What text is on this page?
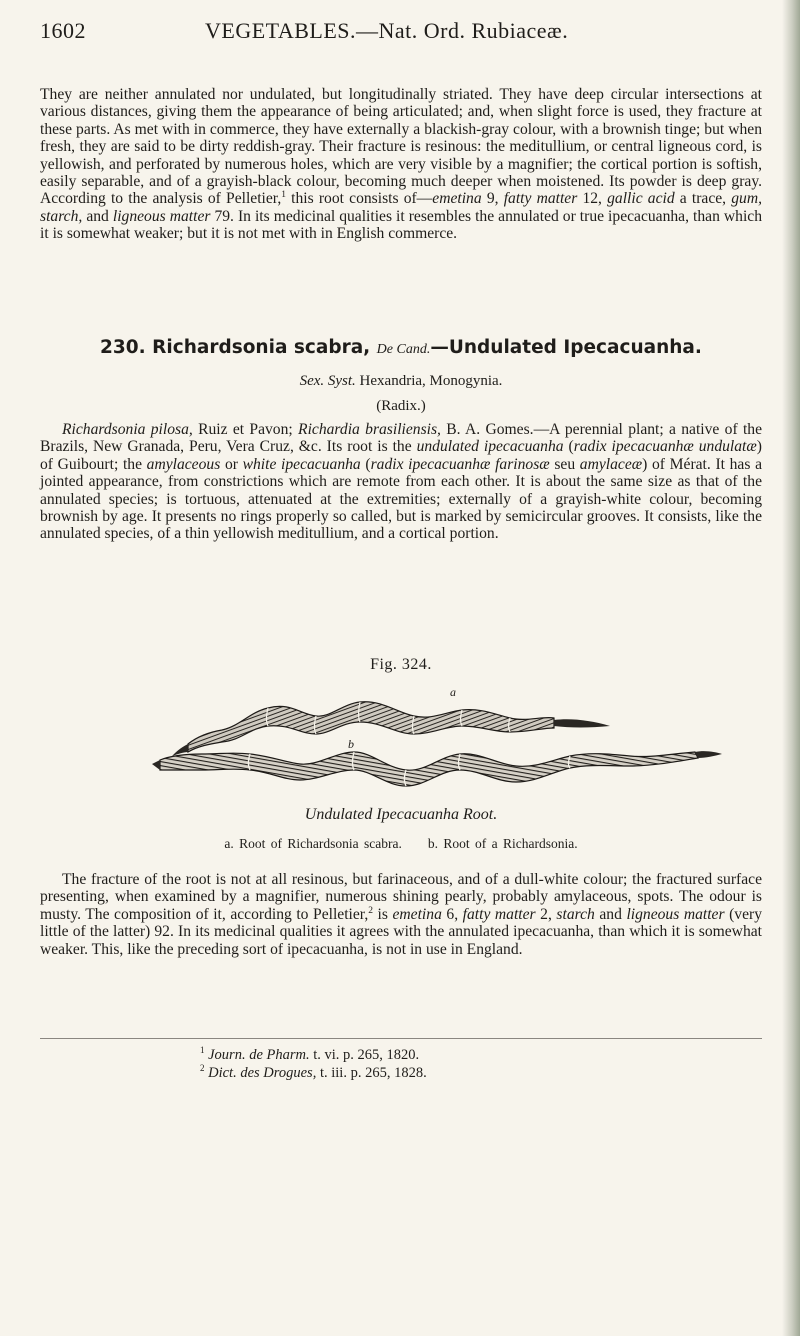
1602	VEGETABLES.—Nat. Ord. Rubiaceæ.
They are neither annulated nor undulated, but longitudinally striated. They have deep circular intersections at various distances, giving them the appearance of being articulated; and, when slight force is used, they fracture at these parts. As met with in commerce, they have externally a blackish-gray colour, with a brownish tinge; but when fresh, they are said to be dirty reddish-gray. Their fracture is resinous: the meditullium, or central ligneous cord, is yellowish, and perforated by numerous holes, which are very visible by a magnifier; the cortical portion is softish, easily separable, and of a grayish-black colour, becoming much deeper when moistened. Its powder is deep gray. According to the analysis of Pelletier,$^1$ this root consists of—emetina 9, fatty matter 12, gallic acid a trace, gum, starch, and ligneous matter 79. In its medicinal qualities it resembles the annulated or true ipecacuanha, than which it is somewhat weaker; but it is not met with in English commerce.
230. Richardsonia scabra, De Cand.—Undulated Ipecacuanha.
Sex. Syst. Hexandria, Monogynia.
(Radix.)
Richardsonia pilosa, Ruiz et Pavon; Richardia brasiliensis, B. A. Gomes.—A perennial plant; a native of the Brazils, New Granada, Peru, Vera Cruz, &c. Its root is the undulated ipecacuanha (radix ipecacuanhæ undulatæ) of Guibourt; the amylaceous or white ipecacuanha (radix ipecacuanhæ farinosæ seu amylaceæ) of Mérat. It has a jointed appearance, from constrictions which are remote from each other. It is about the same size as that of the annulated species; is tortuous, attenuated at the extremities; externally of a grayish-white colour, becoming brownish by age. It presents no rings properly so called, but is marked by semicircular grooves. It consists, like the annulated species, of a thin yellowish meditullium, and a cortical portion.
Fig. 324.
a
b
Undulated Ipecacuanha Root.
a. Root of Richardsonia scabra. b. Root of a Richardsonia.
The fracture of the root is not at all resinous, but farinaceous, and of a dull-white colour; the fractured surface presenting, when examined by a magnifier, numerous shining pearly, probably amylaceous, spots. The odour is musty. The composition of it, according to Pelletier,$^2$ is emetina 6, fatty matter 2, starch and ligneous matter (very little of the latter) 92. In its medicinal qualities it agrees with the annulated ipecacuanha, than which it is somewhat weaker. This, like the preceding sort of ipecacuanha, is not in use in England.
$^1$ Journ. de Pharm. t. vi. p. 265, 1820.
$^2$ Dict. des Drogues, t. iii. p. 265, 1828.
